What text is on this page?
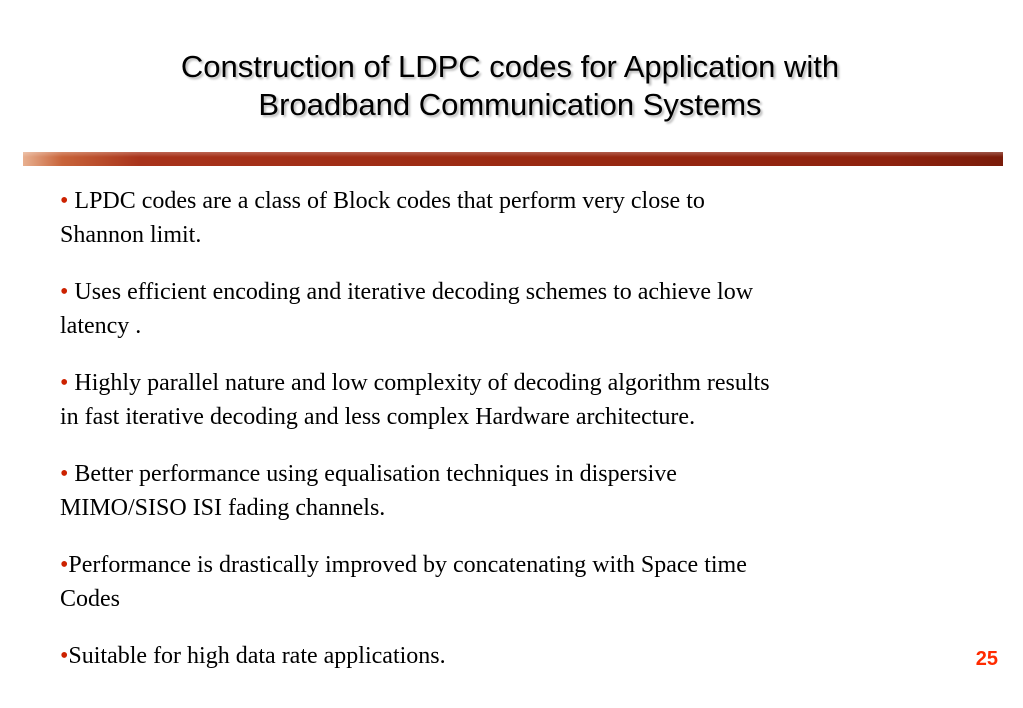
Construction of LDPC codes for Application with
Broadband Communication Systems
• LPDC codes are a class of Block codes that perform very close to
Shannon limit.
• Uses efficient encoding and iterative decoding schemes to achieve low
latency .
• Highly parallel nature and low complexity of decoding algorithm results
in fast iterative decoding and less complex Hardware architecture.
• Better performance using equalisation techniques in dispersive
MIMO/SISO ISI fading channels.
•Performance is drastically improved by concatenating with Space time
Codes
•Suitable for high data rate applications.	25
